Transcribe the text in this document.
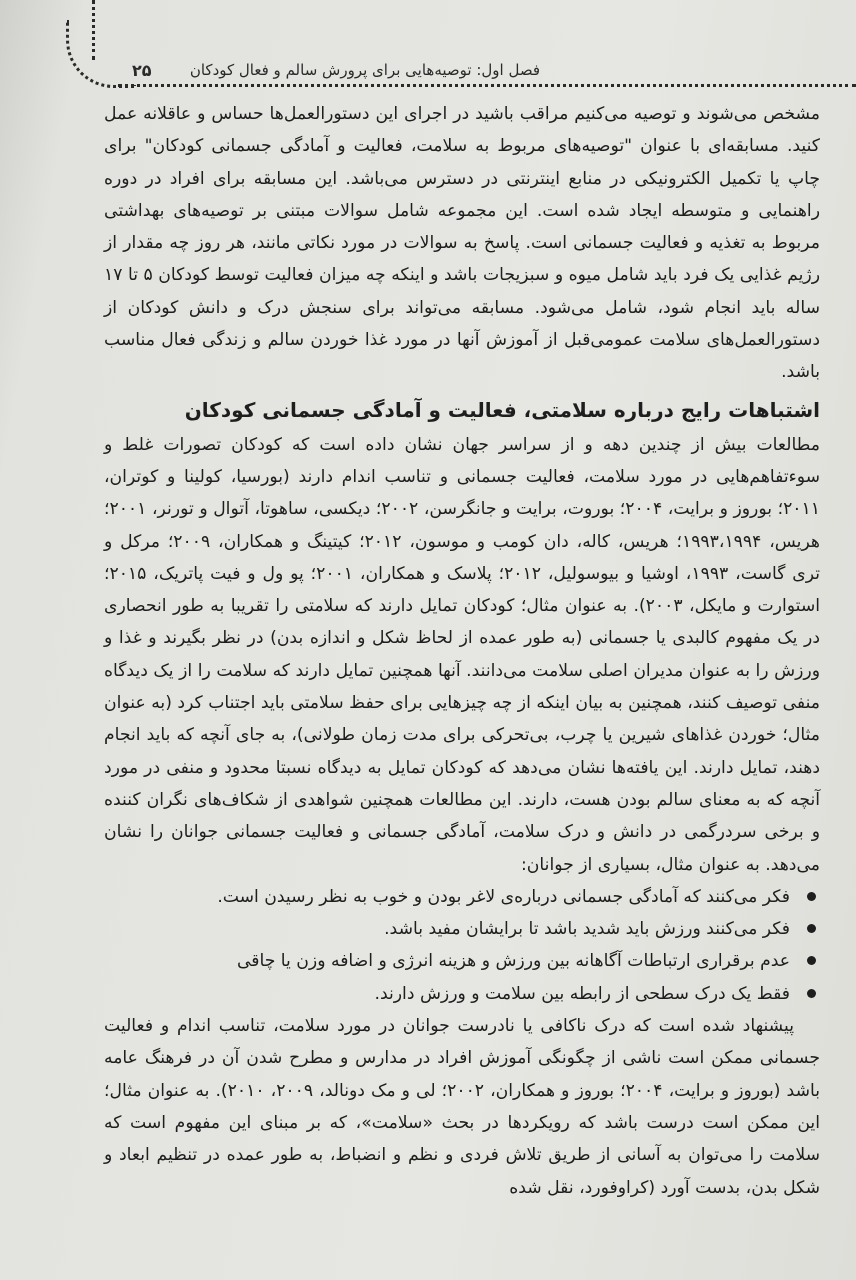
فصل اول: توصیه‌هایی برای پرورش سالم و فعال کودکان
۲۵

مشخص می‌شوند و توصیه می‌کنیم مراقب باشید در اجرای این دستورالعمل‌ها حساس و عاقلانه عمل کنید. مسابقه‌ای با عنوان "توصیه‌های مربوط به سلامت، فعالیت و آمادگی جسمانی کودکان" برای چاپ یا تکمیل الکترونیکی در منابع اینترنتی در دسترس می‌باشد. این مسابقه برای افراد در دوره راهنمایی و متوسطه ایجاد شده است. این مجموعه شامل سوالات مبتنی بر توصیه‌های بهداشتی مربوط به تغذیه و فعالیت جسمانی است. پاسخ به سوالات در مورد نکاتی مانند، هر روز چه مقدار از رژیم غذایی یک فرد باید شامل میوه و سبزیجات باشد و اینکه چه میزان فعالیت توسط کودکان ۵ تا ۱۷ ساله باید انجام شود، شامل می‌شود. مسابقه می‌تواند برای سنجش درک و دانش کودکان از دستورالعمل‌های سلامت عمومی‌قبل از آموزش آنها در مورد غذا خوردن سالم و زندگی فعال مناسب باشد.

اشتباهات رایج درباره سلامتی، فعالیت و آمادگی جسمانی کودکان

مطالعات بیش از چندین دهه و از سراسر جهان نشان داده است که کودکان تصورات غلط و سوءتفاهم‌هایی در مورد سلامت، فعالیت جسمانی و تناسب اندام دارند (بورسیا، کولینا و کوتران، ۲۰۱۱؛ بوروز و برایت، ۲۰۰۴؛ بوروت، برایت و جانگرسن، ۲۰۰۲؛ دیکسی، ساهوتا، آتوال و تورنر، ۲۰۰۱؛ هریس، ۱۹۹۳،۱۹۹۴؛ هریس، کاله، دان کومب و موسون، ۲۰۱۲؛ کیتینگ و همکاران، ۲۰۰۹؛ مرکل و تری گاست، ۱۹۹۳، اوشیا و بیوسولیل، ۲۰۱۲؛ پلاسک و همکاران، ۲۰۰۱؛ پو ول و فیت پاتریک، ۲۰۱۵؛ استوارت و مایکل، ۲۰۰۳). به عنوان مثال؛ کودکان تمایل دارند که سلامتی را تقریبا به طور انحصاری در یک مفهوم کالبدی یا جسمانی (به طور عمده از لحاظ شکل و اندازه بدن) در نظر بگیرند و غذا و ورزش را به عنوان مدیران اصلی سلامت می‌دانند. آنها همچنین تمایل دارند که سلامت را از یک دیدگاه منفی توصیف کنند، همچنین به بیان اینکه از چه چیزهایی برای حفظ سلامتی باید اجتناب کرد (به عنوان مثال؛ خوردن غذاهای شیرین یا چرب، بی‌تحرکی برای مدت زمان طولانی)، به جای آنچه که باید انجام دهند، تمایل دارند. این یافته‌ها نشان می‌دهد که کودکان تمایل به دیدگاه نسبتا محدود و منفی در مورد آنچه که به معنای سالم بودن هست، دارند. این مطالعات همچنین شواهدی از شکاف‌های نگران کننده و برخی سردرگمی در دانش و درک سلامت، آمادگی جسمانی و فعالیت جسمانی جوانان را نشان می‌دهد. به عنوان مثال، بسیاری از جوانان:

فکر می‌کنند که آمادگی جسمانی درباره‌ی لاغر بودن و خوب به نظر رسیدن است.
فکر می‌کنند ورزش باید شدید باشد تا برایشان مفید باشد.
عدم برقراری ارتباطات آگاهانه بین ورزش و هزینه انرژی و اضافه وزن یا چاقی
فقط یک درک سطحی از رابطه بین سلامت و ورزش دارند.

پیشنهاد شده است که درک ناکافی یا نادرست جوانان در مورد سلامت، تناسب اندام و فعالیت جسمانی ممکن است ناشی از چگونگی آموزش افراد در مدارس و مطرح شدن آن در فرهنگ عامه باشد (بوروز و برایت، ۲۰۰۴؛ بوروز و همکاران، ۲۰۰۲؛ لی و مک دونالد، ۲۰۰۹، ۲۰۱۰). به عنوان مثال؛ این ممکن است درست باشد که رویکردها در بحث «سلامت»، که بر مبنای این مفهوم است که سلامت را می‌توان به آسانی از طریق تلاش فردی و نظم و انضباط، به طور عمده در تنظیم ابعاد و شکل بدن، بدست آورد (کراوفورد، نقل شده
